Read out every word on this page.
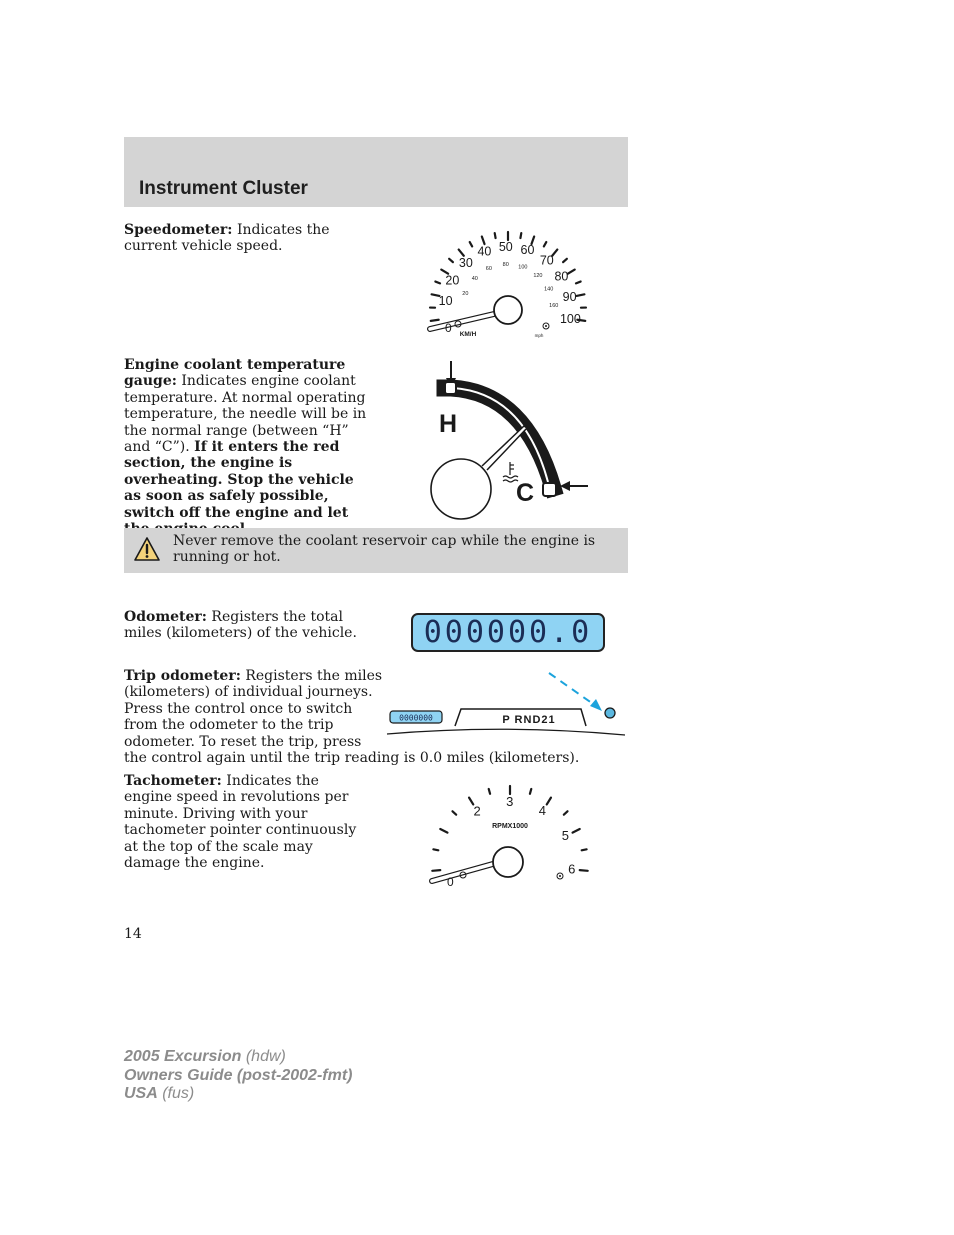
Instrument Cluster

Speedometer: Indicates the current vehicle speed.

10
20
30
40 50 60
70
80
90
100
20
40
60
80 100
120
140
160
0 KM/H	mph

Engine coolant temperature gauge: Indicates engine coolant temperature. At normal operating temperature, the needle will be in the normal range (between “H” and “C”). If it enters the red section, the engine is overheating. Stop the vehicle as soon as safely possible, switch off the engine and let

H
C

Never remove the coolant reservoir cap while the engine is running or hot.

Odometer: Registers the total miles (kilometers) of the vehicle.	000000.0

Trip odometer: Registers the miles
(kilometers) of individual journeys.
Press the control once to switch
from the odometer to the trip
odometer. To reset the trip, press
the control again until the trip reading is 0.0 miles (kilometers).

0000000	P RND21

Tachometer: Indicates the engine speed in revolutions per minute. Driving with your tachometer pointer continuously at the top of the scale may damage the engine.

2
3
4
5
6
RPMX1000
0

14

2005 Excursion (hdw)
Owners Guide (post-2002-fmt)
USA (fus)
